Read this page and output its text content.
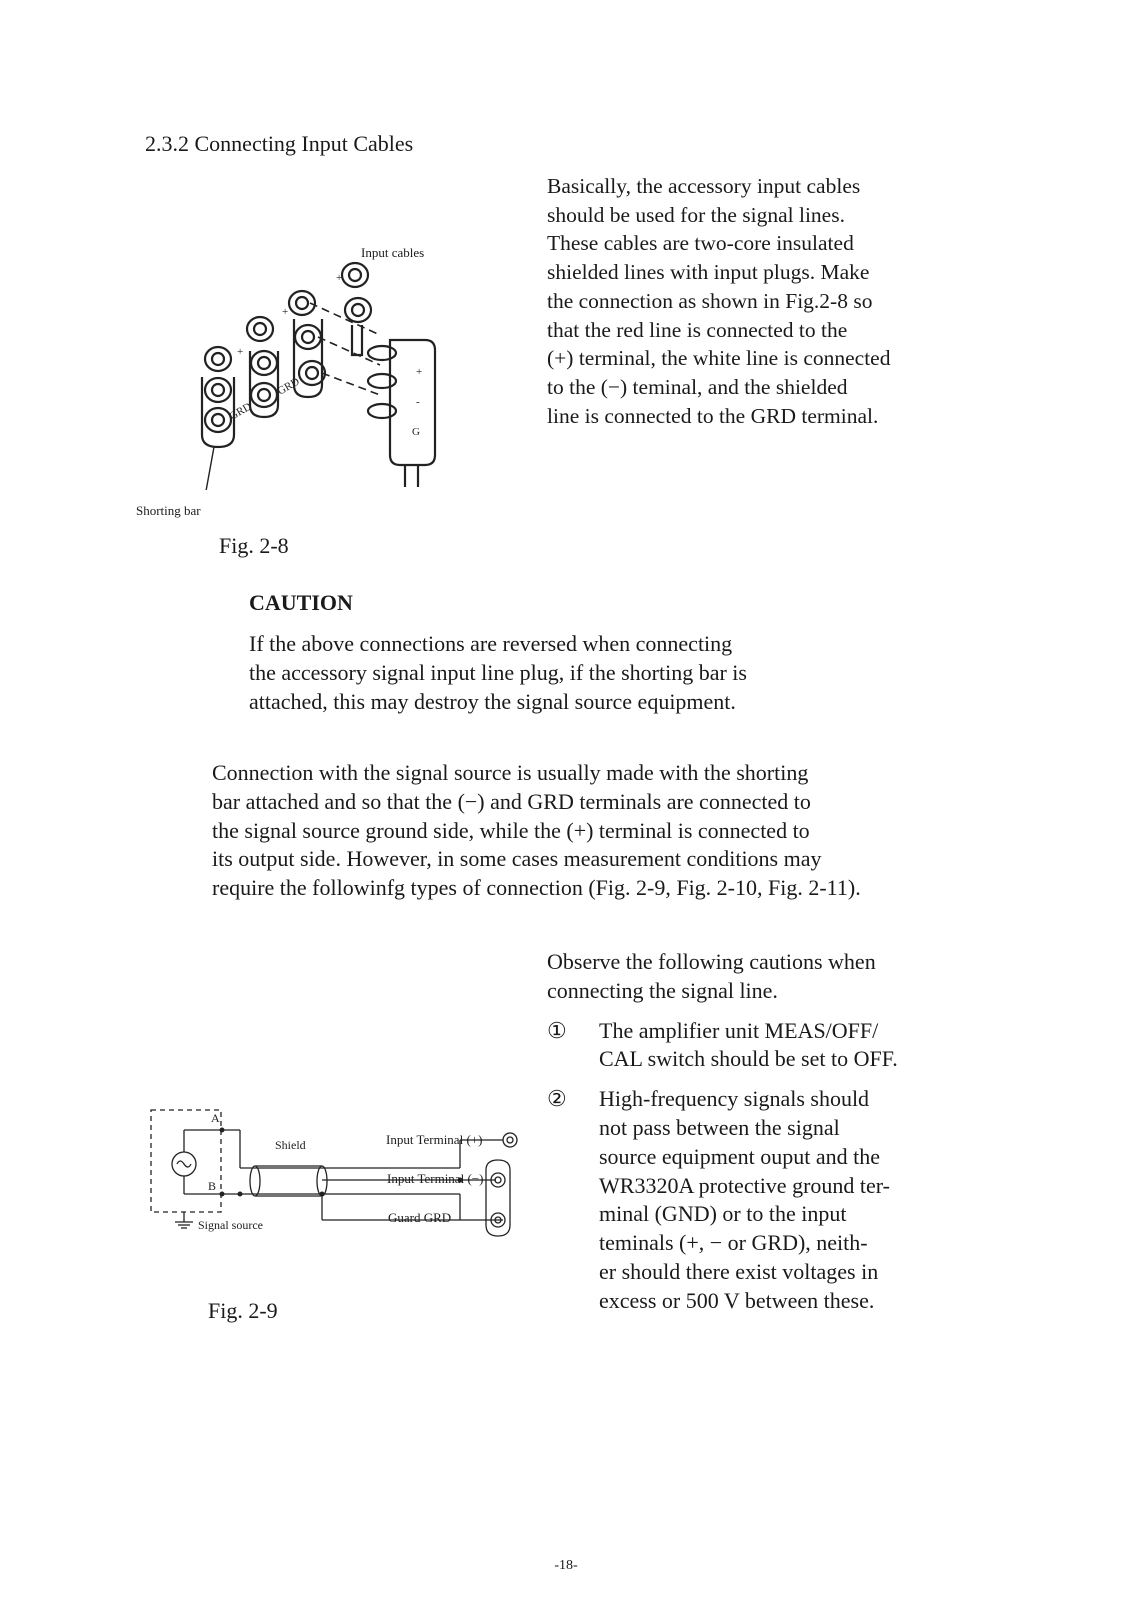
2.3.2 Connecting Input Cables
Input cables
+
+
+
GRD
GRD
+
-
G
Shorting bar
Fig. 2-8
Basically, the accessory input cables
should be used for the signal lines.
These cables are two-core insulated
shielded lines with input plugs. Make
the connection as shown in Fig.2-8 so
that the red line is connected to the
(+) terminal, the white line is connected
to the (−) teminal, and the shielded
line is connected to the GRD terminal.
CAUTION
If the above connections are reversed when connecting
the accessory signal input line plug, if the shorting bar is
attached, this may destroy the signal source equipment.
Connection with the signal source is usually made with the shorting
bar attached and so that the (−) and GRD terminals are connected to
the signal source ground side, while the (+) terminal is connected to
its output side. However, in some cases measurement conditions may
require the followinfg types of connection (Fig. 2-9, Fig. 2-10, Fig. 2-11).
A
B
Shield
Signal source
Input Terminal (+)
Input Terminal (−)
Guard GRD
Fig. 2-9
Observe the following cautions when
connecting the signal line.
① The amplifier unit MEAS/OFF/
CAL switch should be set to OFF.
② High-frequency signals should
not pass between the signal
source equipment ouput and the
WR3320A protective ground ter-
minal (GND) or to the input
teminals (+, − or GRD), neith-
er should there exist voltages in
excess or 500 V between these.
-18-
